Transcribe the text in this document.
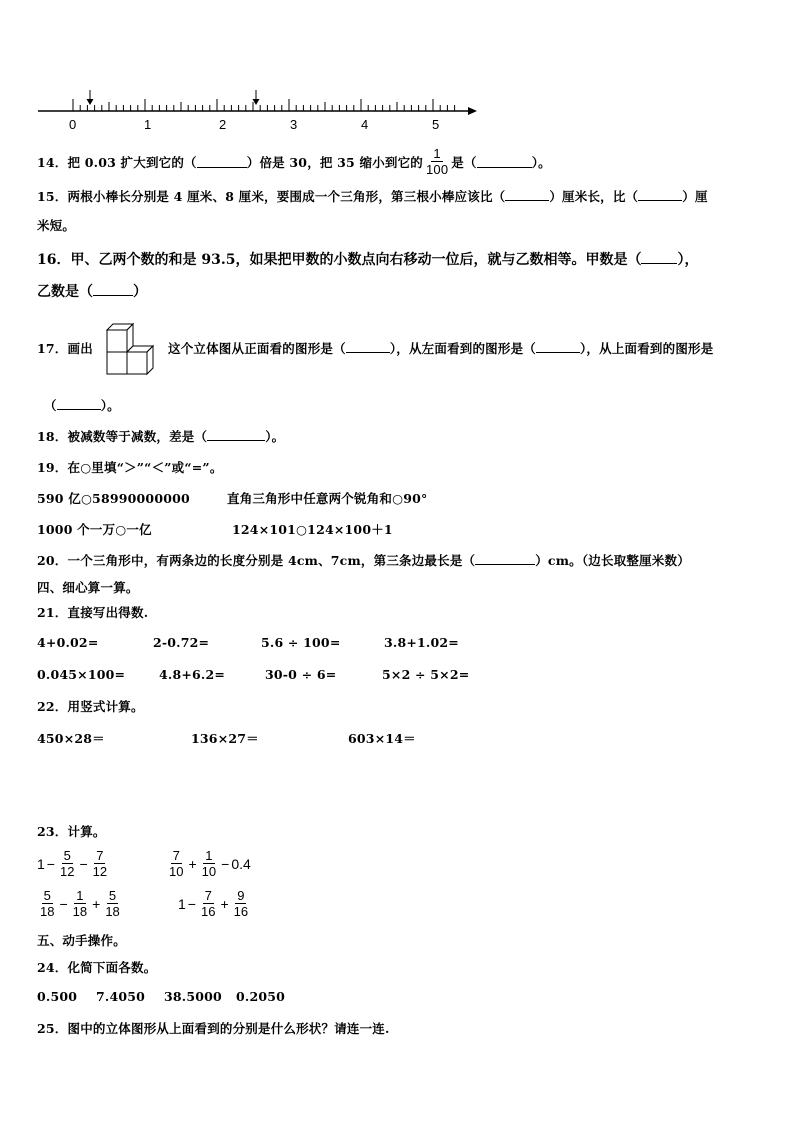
0	1	2	3	4	5
14．把 0.03 扩大到它的（	）倍是 30，把 35 缩小到它的 $\frac{1}{100}$ 是（	）。
15．两根小棒长分别是 4 厘米、8 厘米，要围成一个三角形，第三根小棒应该比（	）厘米长，比（	）厘
米短。
16．甲、乙两个数的和是 93.5，如果把甲数的小数点向右移动一位后，就与乙数相等。甲数是（	），
乙数是（	）
17．画出	这个立体图从正面看的图形是（	），从左面看到的图形是（	），从上面看到的图形是
（	）。
18．被减数等于减数，差是（	）。
19．在○里填“＞”“＜”或“=”。
590 亿○58990000000	直角三角形中任意两个锐角和○90°
1000 个一万○一亿	124×101○124×100＋1
20．一个三角形中，有两条边的长度分别是 4cm、7cm，第三条边最长是（	）cm。（边长取整厘米数）
四、细心算一算。
21．直接写出得数.
4+0.02=	2-0.72=	5.6 ÷ 100=	3.8+1.02=
0.045×100=	4.8+6.2=	30-0 ÷ 6=	5×2 ÷ 5×2=
22．用竖式计算。
450×28＝	136×27＝	603×14＝
23．计算。
$1 - \frac{5}{12} - \frac{7}{12}$	$\frac{7}{10} + \frac{1}{10} - 0.4$
$\frac{5}{18} - \frac{1}{18} + \frac{5}{18}$	$1 - \frac{7}{16} + \frac{9}{16}$
五、动手操作。
24．化简下面各数。
0.500 7.4050 38.5000 0.2050
25．图中的立体图形从上面看到的分别是什么形状？请连一连.
